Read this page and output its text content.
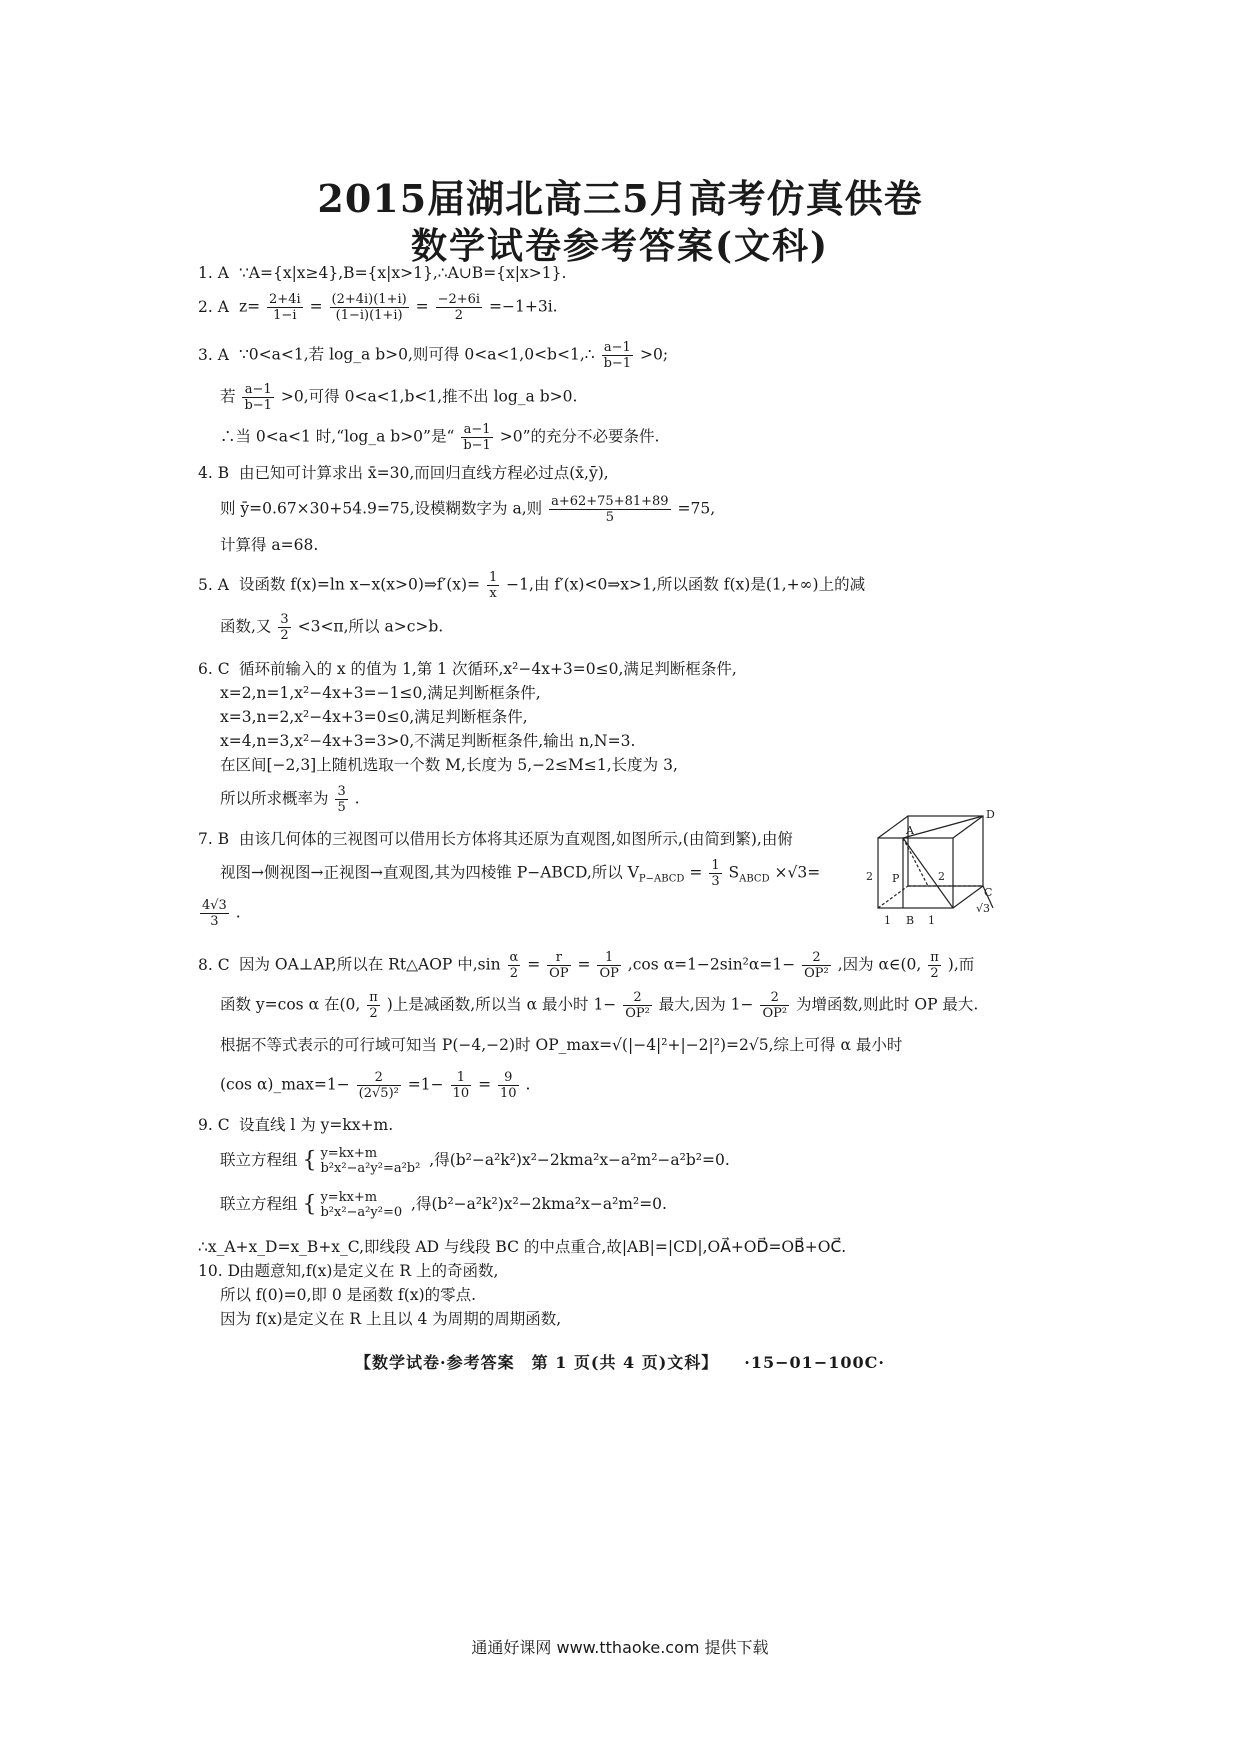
2015届湖北高三5月高考仿真供卷
数学试卷参考答案(文科)
1. A ∵A={x|x≥4},B={x|x>1},∴A∪B={x|x>1}.
2. A $z= \frac{2+4i}{1-i} = \frac{(2+4i)(1+i)}{(1-i)(1+i)} = \frac{-2+6i}{2} =-1+3i$.
3. A ∵0<a<1,若 log_a b>0,则可得 0<a<1,0<b<1,∴ $\frac{a-1}{b-1} >0$;
若 $\frac{a-1}{b-1} >0$,可得 0<a<1,b<1,推不出 log_a b>0.
∴当 0<a<1 时,“log_a b>0”是“ $\frac{a-1}{b-1} >0$”的充分不必要条件.
4. B 由已知可计算求出 x̄=30,而回归直线方程必过点(x̄,ȳ),
则 ȳ=0.67×30+54.9=75,设模糊数字为 a,则 $\frac{a+62+75+81+89}{5} =75$,
计算得 a=68.
5. A 设函数 f(x)=ln x−x(x>0)⇒f′(x)= $\frac{1}{x} -1$,由 f′(x)<0⇒x>1,所以函数 f(x)是(1,+∞)上的减
函数,又 $\frac{3}{2} <3<\pi$,所以 a>c>b.
6. C 循环前输入的 x 的值为 1,第 1 次循环,x²−4x+3=0≤0,满足判断框条件,
x=2,n=1,x²−4x+3=−1≤0,满足判断框条件,
x=3,n=2,x²−4x+3=0≤0,满足判断框条件,
x=4,n=3,x²−4x+3=3>0,不满足判断框条件,输出 n,N=3.
在区间[−2,3]上随机选取一个数 M,长度为 5,−2≤M≤1,长度为 3,
所以所求概率为 $\frac{3}{5}$ .
7. B 由该几何体的三视图可以借用长方体将其还原为直观图,如图所示,(由简到繁),由俯
视图→侧视图→正视图→直观图,其为四棱锥 P−ABCD,所以 $V_{P-ABCD} = \frac{1}{3} S_{ABCD} \times√3=$
$\frac{4√3}{3}$ .
8. C 因为 OA⊥AP,所以在 Rt△AOP 中$,\sin \frac{\alpha}{2} = \frac{r}{OP} = \frac{1}{OP} ,\cos$ $\alpha=1-2\sin^2\alpha=1- \frac{2}{\text{OP²}}$ ,因为 α∈(0, $\frac{\pi}{2}$ ),而
函数 y=cos α 在(0, $\frac{\pi}{2}$ )上是减函数,所以当 α 最小时 $1- \frac{2}{\text{OP²}}$ 最大,因为 $1- \frac{2}{\text{OP²}}$ 为增函数,则此时 OP 最大.
根据不等式表示的可行域可知当 P(−4,−2)时 OP_max=√(|−4|²+|−2|²)=2√5,综上可得 α 最小时
(cos α)_max=1− $\frac{2}{\text{(2√5)²}} =1- \frac{1}{10} = \frac{9}{10}$ .
9. C 设直线 l 为 y=kx+m.
联立方程组 { y=kx+m
b²x²−a²y²=a²b² ,得(b²−a²k²)x²−2kma²x−a²m²−a²b²=0.
联立方程组 { y=kx+m
b²x²−a²y²=0 ,得(b²−a²k²)x²−2kma²x−a²m²=0.
∴x_A+x_D=x_B+x_C,即线段 AD 与线段 BC 的中点重合,故|AB|=|CD|,OA⃗+OD⃗=OB⃗+OC⃗.
10. D 由题意知,f(x)是定义在 R 上的奇函数,
所以 f(0)=0,即 0 是函数 f(x)的零点.
因为 f(x)是定义在 R 上且以 4 为周期的周期函数,
D
A
P
2	2
C
√3
1 B 1
【数学试卷·参考答案　第 1 页(共 4 页)文科】　　·15−01−100C·
通通好课网 www.tthaoke.com 提供下载
